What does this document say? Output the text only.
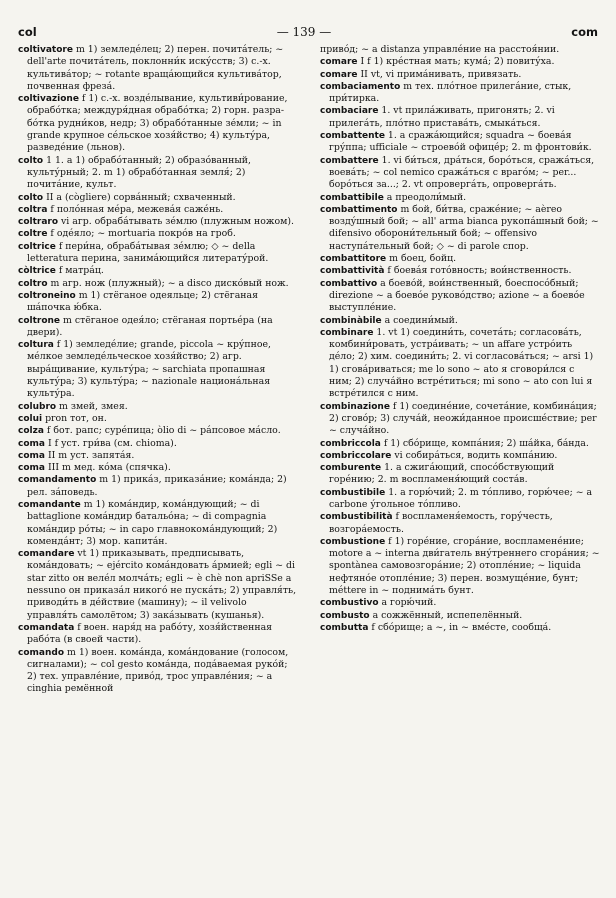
col	— 139 —	com

coltivatore m 1) земледе́лец; 2) перен. почита́тель; ~ dell'arte почита́тель, поклонни́к иску́сств; 3) с.-х. культива́тор; ~ rotante враща́ющийся культива́тор, почвенная фреза́.

coltivazione f 1) с.-х. возде́лывание, культиви́рование, обрабо́тка; междуря́дная обрабо́тка; 2) горн. разрабо́тка рудни́ков, недр; 3) обрабо́танные зе́мли; ~ in grande крупное се́льское хозя́йство; 4) культу́ра, разведе́ние (льнов).

colto 1 1. a 1) обрабо́танный; 2) образо́ванный, культу́рный; 2. m 1) обрабо́танная земля́; 2) почита́ние, культ.

colto II a (cògliere) сорва́нный; схваченный.

coltra f поло́нная ме́ра, межева́я саже́нь.

coltraro vi агр. обраба́тывать зе́млю (плужным ножом).

coltre f оде́яло; ~ mortuaria покро́в на гроб.

coltrice f пери́на, обраба́тывая зе́млю; ◇ ~ della letteratura перина, занима́ющийся литерату́рой.

còltrice f матра́ц.

coltro m агр. нож (плужный); ~ a disco диско́вый нож.

coltroneino m 1) стёганое одеяльце; 2) стёганая ша́почка ю́бка.

coltrone m стёганое одея́ло; стёганая портье́ра (на двери).

coltura f 1) земледе́лие; grande, piccola ~ кру́пное, ме́лкое земледе́льческое хозя́йство; 2) агр. выра́щивание, культу́ра; ~ sarchiata пропашная культу́ра; 3) культу́ра; ~ nazionale национа́льная культу́ра.

colubro m змей, змея.

colui pron тот, он.

colza f бот. рапс; суре́пица; òlio di ~ ра́псовое ма́сло.

coma I f уст. гри́ва (см. chioma).

coma II m уст. запята́я.

coma III m мед. ко́ма (спячка).

comandamento m 1) прика́з, приказа́ние; кома́нда; 2) рел. за́поведь.

comandante m 1) кома́ндир, кома́ндующий; ~ di battaglione кома́ндир батальо́на; ~ di compagnia кома́ндир ро́ты; ~ in capo главнокома́ндующий; 2) коменда́нт; 3) мор. капита́н.

comandare vt 1) приказывать, предписывать, кома́ндовать; ~ ejército кома́ндовать а́рмией; egli ~ di star zitto он веле́л молча́ть; egli ~ è chè non apriSSe a nessuno он приказа́л никого́ не пуска́ть; 2) управля́ть, приводи́ть в де́йствие (машину); ~ il velivolo управля́ть самолётом; 3) зака́зывать (кушанья).

comandata f воен. наря́д на рабо́ту, хозя́йственная рабо́та (в своей части).

comando m 1) воен. кома́нда, кома́ндование (голосом, сигналами); ~ col gesto кома́нда, пода́ваемая руко́й; 2) тех. управле́ние, приво́д, трос управле́ния; ~ a cinghia ремённой

приво́д; ~ a distanza управле́ние на расстоя́нии.

comare I f 1) кре́стная мать; кума́; 2) повиту́ха.

comare II vt, vi прима́нивать, привязать.

combaciamento m тех. пло́тное прилега́ние, стык, при́тирка.

combaciare 1. vt прила́живать, пригонять; 2. vi прилега́ть, пло́тно пристава́ть, смыка́ться.

combattente 1. a сража́ющийся; squadra ~ боева́я гру́ппа; ufficiale ~ строево́й офице́р; 2. m фронтови́к.

combattere 1. vi би́ться, дра́ться, боро́ться, сража́ться, воева́ть; ~ col nemico сража́ться с враго́м; ~ per... боро́ться за...; 2. vt опроверга́ть, опроверга́ть.

combattibile a преодоли́мый.

combattimento m бой, би́тва, сраже́ние; ~ aèreo возду́шный бой; ~ all' arma bianca рукопа́шный бой; ~ difensivo оборони́тельный бой; ~ offensivo наступа́тельный бой; ◇ ~ di parole спор.

combattitore m боец, бойц.

combattività f боева́я гото́вность; вои́нственность.

combattivo a боево́й, вои́нственный, боеспосо́бный; direzione ~ a боево́е руково́дство; azione ~ a боево́е выступле́ние.

combinàbile a соедини́мый.

combinare 1. vt 1) соедини́ть, сочета́ть; согласова́ть, комбини́ровать, устра́ивать; ~ un affare устро́ить де́ло; 2) хим. соедини́ть; 2. vi согласова́ться; ~ arsi 1) 1) сгова́риваться; me lo sono ~ ato я сговори́лся с ним; 2) случа́йно встре́титься; mi sono ~ ato con lui я встре́тился с ним.

combinazione f 1) соедине́ние, сочета́ние, комбина́ция; 2) сгово́р; 3) случа́й, неожи́данное происше́ствие; per ~ случа́йно.

combriccola f 1) сбо́рище, компа́ния; 2) ша́йка, ба́нда.

combriccolare vi собира́ться, водить компа́нию.

comburente 1. a сжига́ющий, спосо́бствующий горе́нию; 2. m воспламеня́ющий соста́в.

combustibile 1. a горю́чий; 2. m то́пливо, горю́чее; ~ a carbone у́гольное то́пливо.

combustibilità f воспламеня́емость, гору́честь, возгора́емость.

combustione f 1) горе́ние, сгора́ние, воспламене́ние; motore a ~ interna дви́гатель вну́треннего сгора́ния; ~ spontànea самовозгора́ние; 2) отопле́ние; ~ liquida нефтяно́е отопле́ние; 3) перен. возмуще́ние, бунт; méttere in ~ поднима́ть бунт.

combustivo a горю́чий.

combusto a сожжённый, испепелённый.

combutta f сбо́рище; a ~, in ~ вме́сте, сообща́.
